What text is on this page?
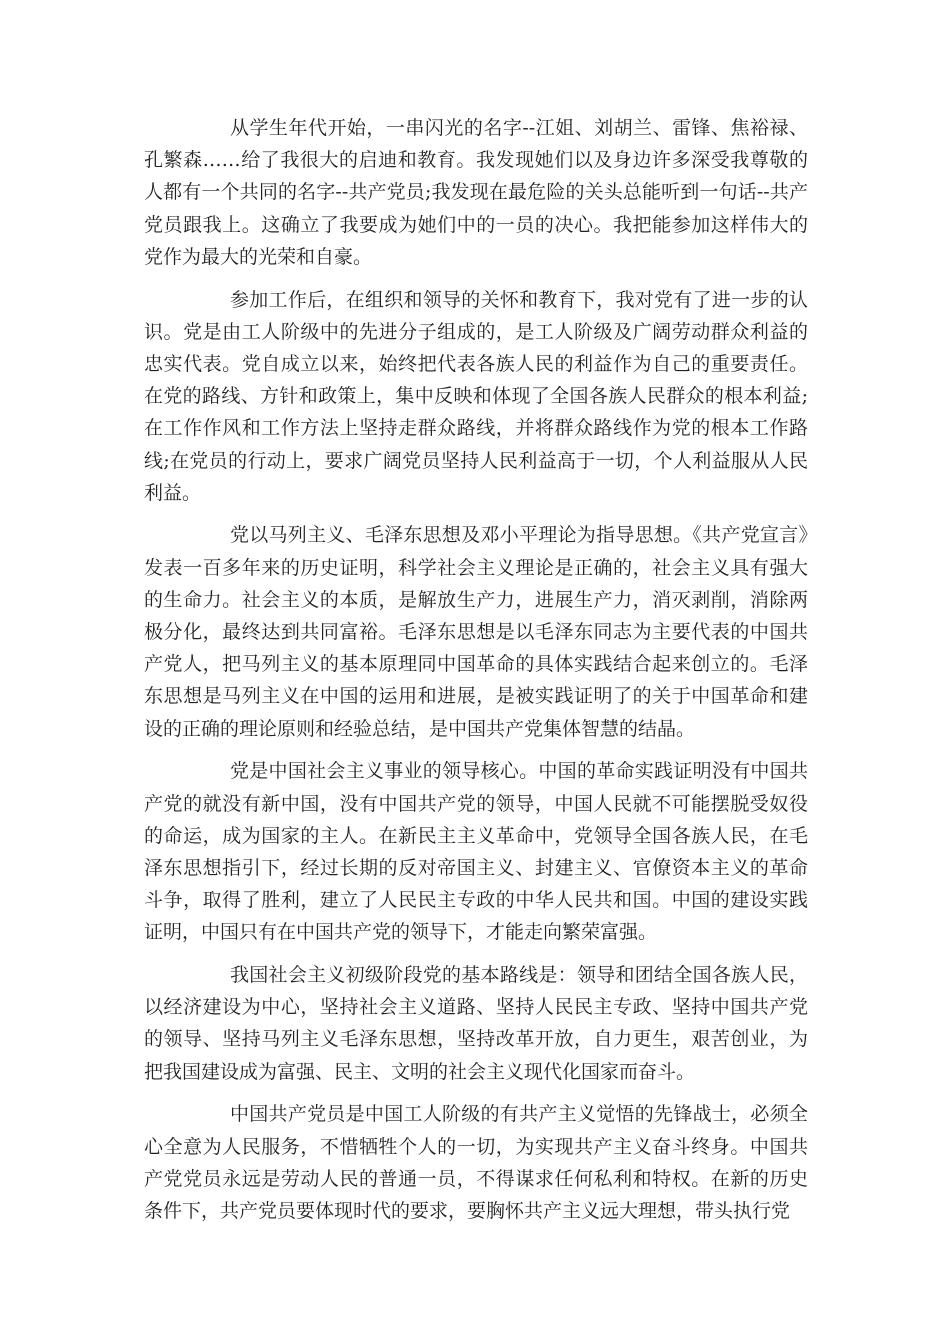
从学生年代开始，一串闪光的名字--江姐、刘胡兰、雷锋、焦裕禄、孔繁森……给了我很大的启迪和教育。我发现她们以及身边许多深受我尊敬的人都有一个共同的名字--共产党员;我发现在最危险的关头总能听到一句话--共产党员跟我上。这确立了我要成为她们中的一员的决心。我把能参加这样伟大的党作为最大的光荣和自豪。

参加工作后，在组织和领导的关怀和教育下，我对党有了进一步的认识。党是由工人阶级中的先进分子组成的，是工人阶级及广阔劳动群众利益的忠实代表。党自成立以来，始终把代表各族人民的利益作为自己的重要责任。在党的路线、方针和政策上，集中反映和体现了全国各族人民群众的根本利益;在工作作风和工作方法上坚持走群众路线，并将群众路线作为党的根本工作路线;在党员的行动上，要求广阔党员坚持人民利益高于一切，个人利益服从人民利益。

党以马列主义、毛泽东思想及邓小平理论为指导思想。《共产党宣言》发表一百多年来的历史证明，科学社会主义理论是正确的，社会主义具有强大的生命力。社会主义的本质，是解放生产力，进展生产力，消灭剥削，消除两极分化，最终达到共同富裕。毛泽东思想是以毛泽东同志为主要代表的中国共产党人，把马列主义的基本原理同中国革命的具体实践结合起来创立的。毛泽东思想是马列主义在中国的运用和进展，是被实践证明了的关于中国革命和建设的正确的理论原则和经验总结，是中国共产党集体智慧的结晶。

党是中国社会主义事业的领导核心。中国的革命实践证明没有中国共产党的就没有新中国，没有中国共产党的领导，中国人民就不可能摆脱受奴役的命运，成为国家的主人。在新民主主义革命中，党领导全国各族人民，在毛泽东思想指引下，经过长期的反对帝国主义、封建主义、官僚资本主义的革命斗争，取得了胜利，建立了人民民主专政的中华人民共和国。中国的建设实践证明，中国只有在中国共产党的领导下，才能走向繁荣富强。

我国社会主义初级阶段党的基本路线是：领导和团结全国各族人民，以经济建设为中心，坚持社会主义道路、坚持人民民主专政、坚持中国共产党的领导、坚持马列主义毛泽东思想，坚持改革开放，自力更生，艰苦创业，为把我国建设成为富强、民主、文明的社会主义现代化国家而奋斗。

中国共产党员是中国工人阶级的有共产主义觉悟的先锋战士，必须全心全意为人民服务，不惜牺牲个人的一切，为实现共产主义奋斗终身。中国共产党党员永远是劳动人民的普通一员，不得谋求任何私利和特权。在新的历史条件下，共产党员要体现时代的要求，要胸怀共产主义远大理想，带头执行党
